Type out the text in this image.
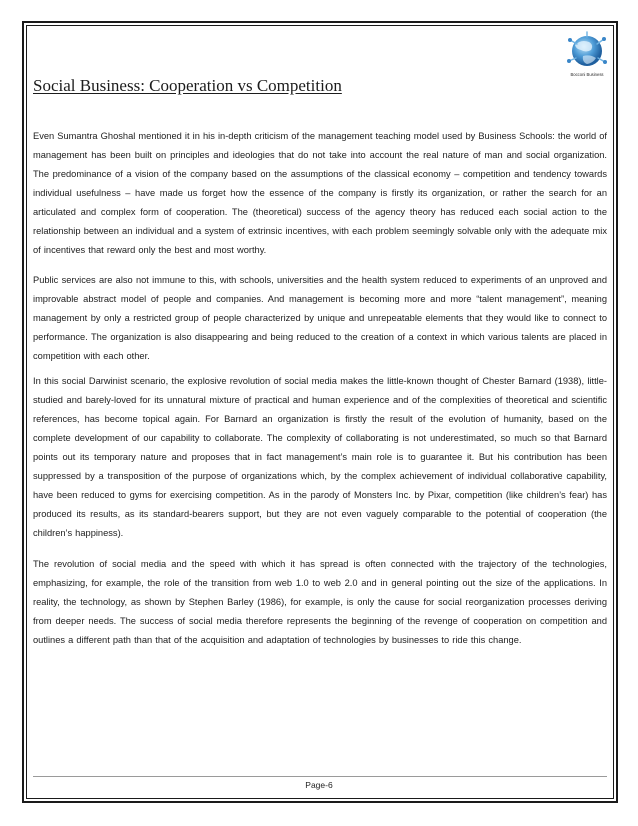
Bocconi Business
Social Business: Cooperation vs Competition

Even Sumantra Ghoshal mentioned it in his in-depth criticism of the management teaching model used by Business Schools: the world of management has been built on principles and ideologies that do not take into account the real nature of man and social organization. The predominance of a vision of the company based on the assumptions of the classical economy – competition and tendency towards individual usefulness – have made us forget how the essence of the company is firstly its organization, or rather the search for an articulated and complex form of cooperation. The (theoretical) success of the agency theory has reduced each social action to the relationship between an individual and a system of extrinsic incentives, with each problem seemingly solvable only with the adequate mix of incentives that reward only the best and most worthy.

Public services are also not immune to this, with schools, universities and the health system reduced to experiments of an unproved and improvable abstract model of people and companies. And management is becoming more and more “talent management”, meaning management by only a restricted group of people characterized by unique and unrepeatable elements that they would like to connect to performance. The organization is also disappearing and being reduced to the creation of a context in which various talents are placed in competition with each other.

In this social Darwinist scenario, the explosive revolution of social media makes the little-known thought of Chester Barnard (1938), little-studied and barely-loved for its unnatural mixture of practical and human experience and of the complexities of theoretical and scientific references, has become topical again. For Barnard an organization is firstly the result of the evolution of humanity, based on the complete development of our capability to collaborate. The complexity of collaborating is not underestimated, so much so that Barnard points out its temporary nature and proposes that in fact management’s main role is to guarantee it. But his contribution has been suppressed by a transposition of the purpose of organizations which, by the complex achievement of individual collaborative capability, have been reduced to gyms for exercising competition. As in the parody of Monsters Inc. by Pixar, competition (like children’s fear) has produced its results, as its standard-bearers support, but they are not even vaguely comparable to the potential of cooperation (the children’s happiness).

The revolution of social media and the speed with which it has spread is often connected with the trajectory of the technologies, emphasizing, for example, the role of the transition from web 1.0 to web 2.0 and in general pointing out the size of the applications. In reality, the technology, as shown by Stephen Barley (1986), for example, is only the cause for social reorganization processes deriving from deeper needs. The success of social media therefore represents the beginning of the revenge of cooperation on competition and outlines a different path than that of the acquisition and adaptation of technologies by businesses to ride this change.

Page-6
